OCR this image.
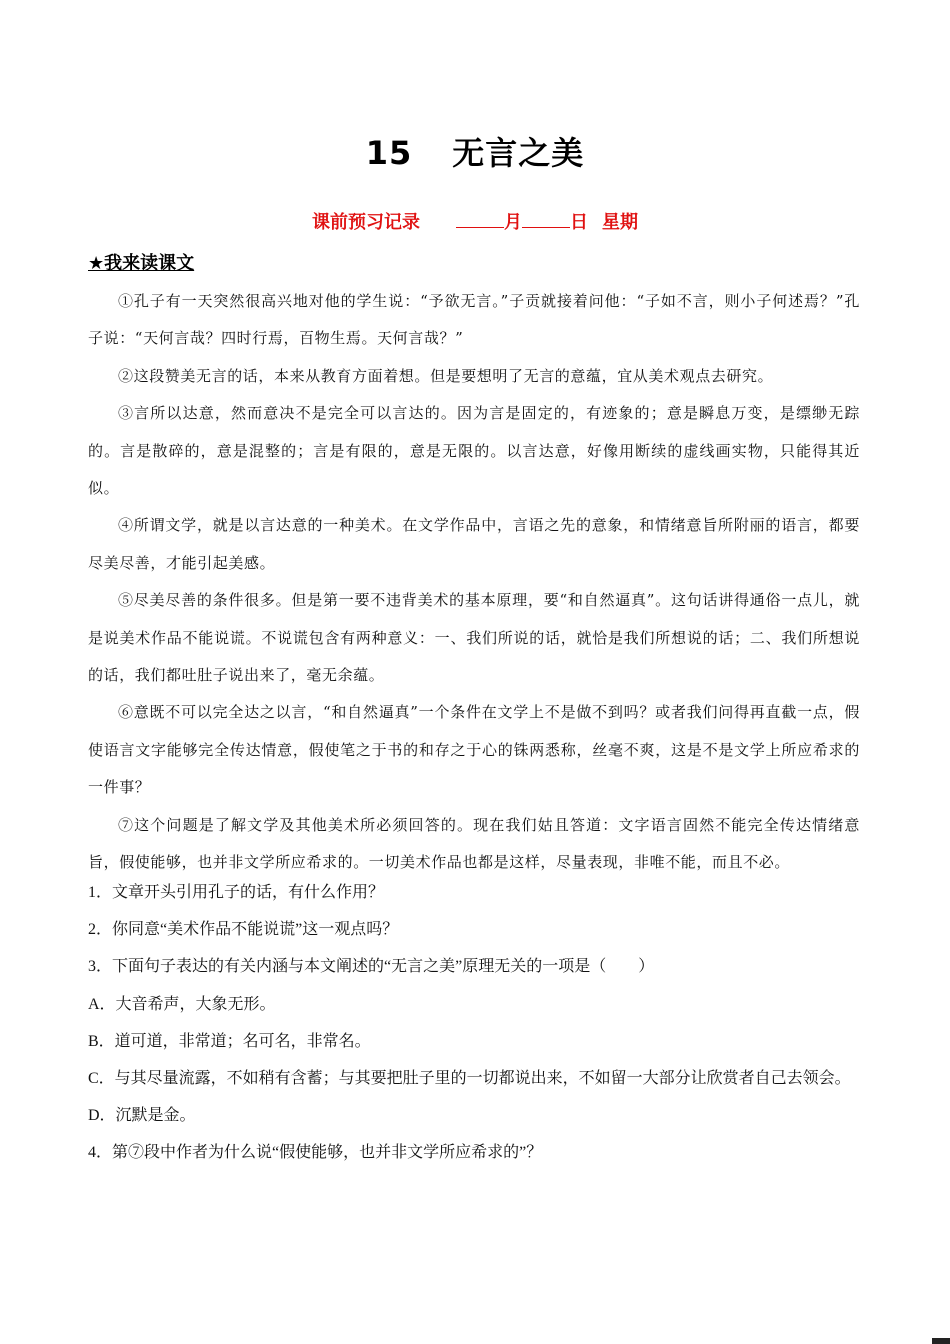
15 无言之美
课前预习记录	月	日 星期
★我来读课文

①孔子有一天突然很高兴地对他的学生说：“予欲无言。”子贡就接着问他：“子如不言，则小子何述焉？”孔子说：“天何言哉？四时行焉，百物生焉。天何言哉？”

②这段赞美无言的话，本来从教育方面着想。但是要想明了无言的意蕴，宜从美术观点去研究。

③言所以达意，然而意决不是完全可以言达的。因为言是固定的，有迹象的；意是瞬息万变，是缥缈无踪的。言是散碎的，意是混整的；言是有限的，意是无限的。以言达意，好像用断续的虚线画实物，只能得其近似。

④所谓文学，就是以言达意的一种美术。在文学作品中，言语之先的意象，和情绪意旨所附丽的语言，都要尽美尽善，才能引起美感。

⑤尽美尽善的条件很多。但是第一要不违背美术的基本原理，要“和自然逼真”。这句话讲得通俗一点儿，就是说美术作品不能说谎。不说谎包含有两种意义：一、我们所说的话，就恰是我们所想说的话；二、我们所想说的话，我们都吐肚子说出来了，毫无余蕴。

⑥意既不可以完全达之以言，“和自然逼真”一个条件在文学上不是做不到吗？或者我们问得再直截一点，假使语言文字能够完全传达情意，假使笔之于书的和存之于心的铢两悉称，丝毫不爽，这是不是文学上所应希求的一件事？

⑦这个问题是了解文学及其他美术所必须回答的。现在我们姑且答道：文字语言固然不能完全传达情绪意旨，假使能够，也并非文学所应希求的。一切美术作品也都是这样，尽量表现，非唯不能，而且不必。

1．文章开头引用孔子的话，有什么作用？

2．你同意“美术作品不能说谎”这一观点吗？

3．下面句子表达的有关内涵与本文阐述的“无言之美”原理无关的一项是（　　）

A．大音希声，大象无形。

B．道可道，非常道；名可名，非常名。

C．与其尽量流露，不如稍有含蓄；与其要把肚子里的一切都说出来，不如留一大部分让欣赏者自己去领会。

D．沉默是金。

4．第⑦段中作者为什么说“假使能够，也并非文学所应希求的”？
